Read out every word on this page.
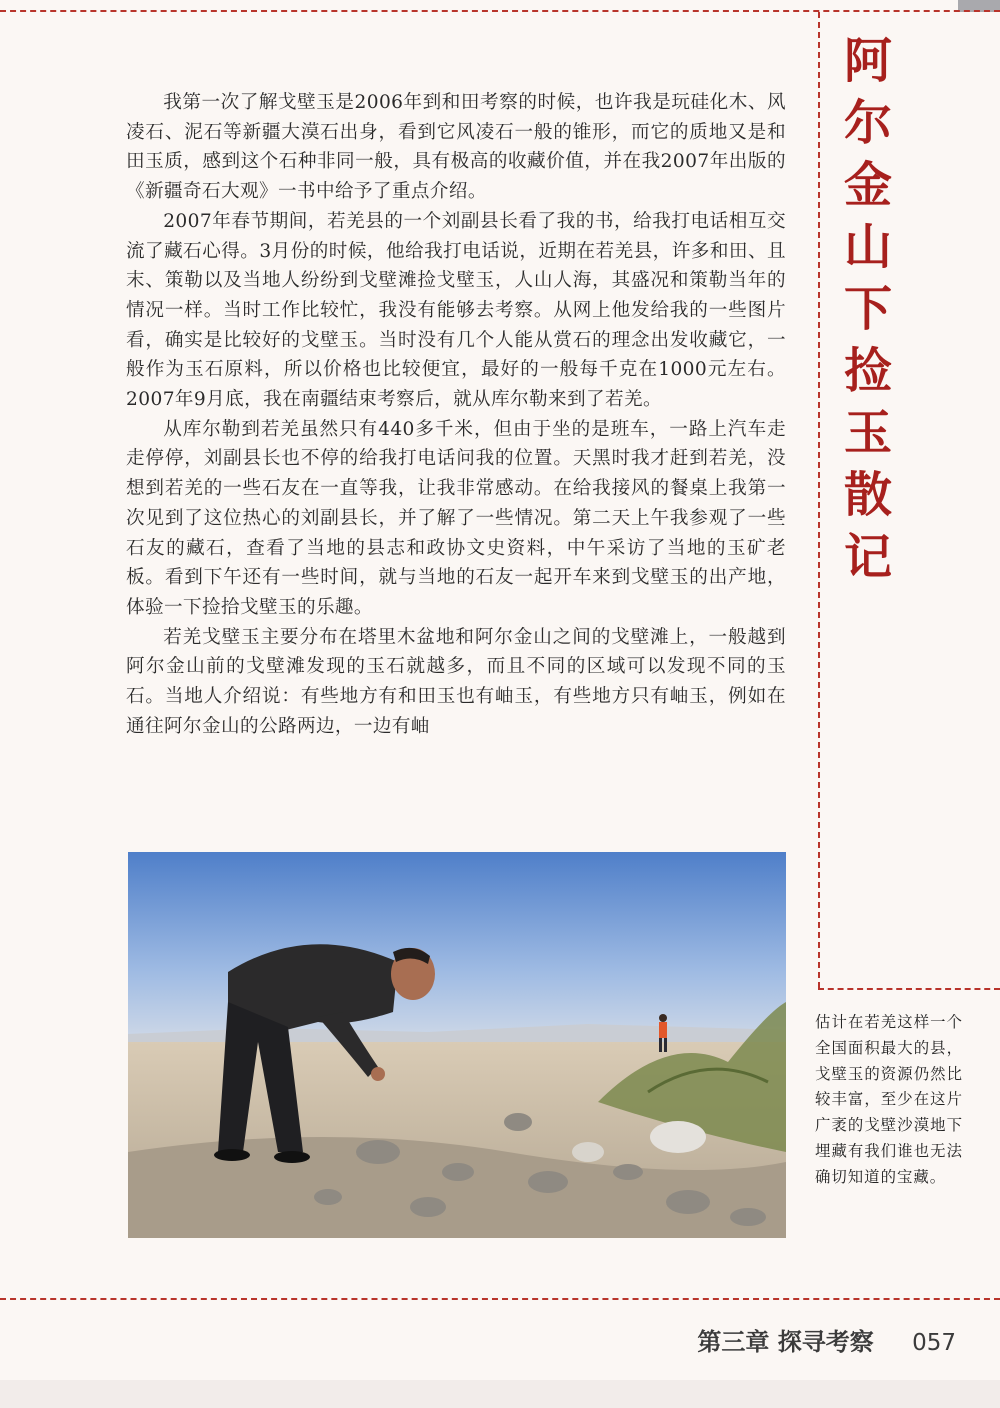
阿
尔
金
山
下
捡
玉
散
记

我第一次了解戈壁玉是2006年到和田考察的时候，也许我是玩硅化木、风凌石、泥石等新疆大漠石出身，看到它风凌石一般的锥形，而它的质地又是和田玉质，感到这个石种非同一般，具有极高的收藏价值，并在我2007年出版的《新疆奇石大观》一书中给予了重点介绍。

2007年春节期间，若羌县的一个刘副县长看了我的书，给我打电话相互交流了藏石心得。3月份的时候，他给我打电话说，近期在若羌县，许多和田、且末、策勒以及当地人纷纷到戈壁滩捡戈壁玉，人山人海，其盛况和策勒当年的情况一样。当时工作比较忙，我没有能够去考察。从网上他发给我的一些图片看，确实是比较好的戈壁玉。当时没有几个人能从赏石的理念出发收藏它，一般作为玉石原料，所以价格也比较便宜，最好的一般每千克在1000元左右。2007年9月底，我在南疆结束考察后，就从库尔勒来到了若羌。

从库尔勒到若羌虽然只有440多千米，但由于坐的是班车，一路上汽车走走停停，刘副县长也不停的给我打电话问我的位置。天黑时我才赶到若羌，没想到若羌的一些石友在一直等我，让我非常感动。在给我接风的餐桌上我第一次见到了这位热心的刘副县长，并了解了一些情况。第二天上午我参观了一些石友的藏石，查看了当地的县志和政协文史资料，中午采访了当地的玉矿老板。看到下午还有一些时间，就与当地的石友一起开车来到戈壁玉的出产地，体验一下捡拾戈壁玉的乐趣。

若羌戈壁玉主要分布在塔里木盆地和阿尔金山之间的戈壁滩上，一般越到阿尔金山前的戈壁滩发现的玉石就越多，而且不同的区域可以发现不同的玉石。当地人介绍说：有些地方有和田玉也有岫玉，有些地方只有岫玉，例如在通往阿尔金山的公路两边，一边有岫

估计在若羌这样一个全国面积最大的县，戈壁玉的资源仍然比较丰富，至少在这片广袤的戈壁沙漠地下埋藏有我们谁也无法确切知道的宝藏。
第三章 探寻考察 057
